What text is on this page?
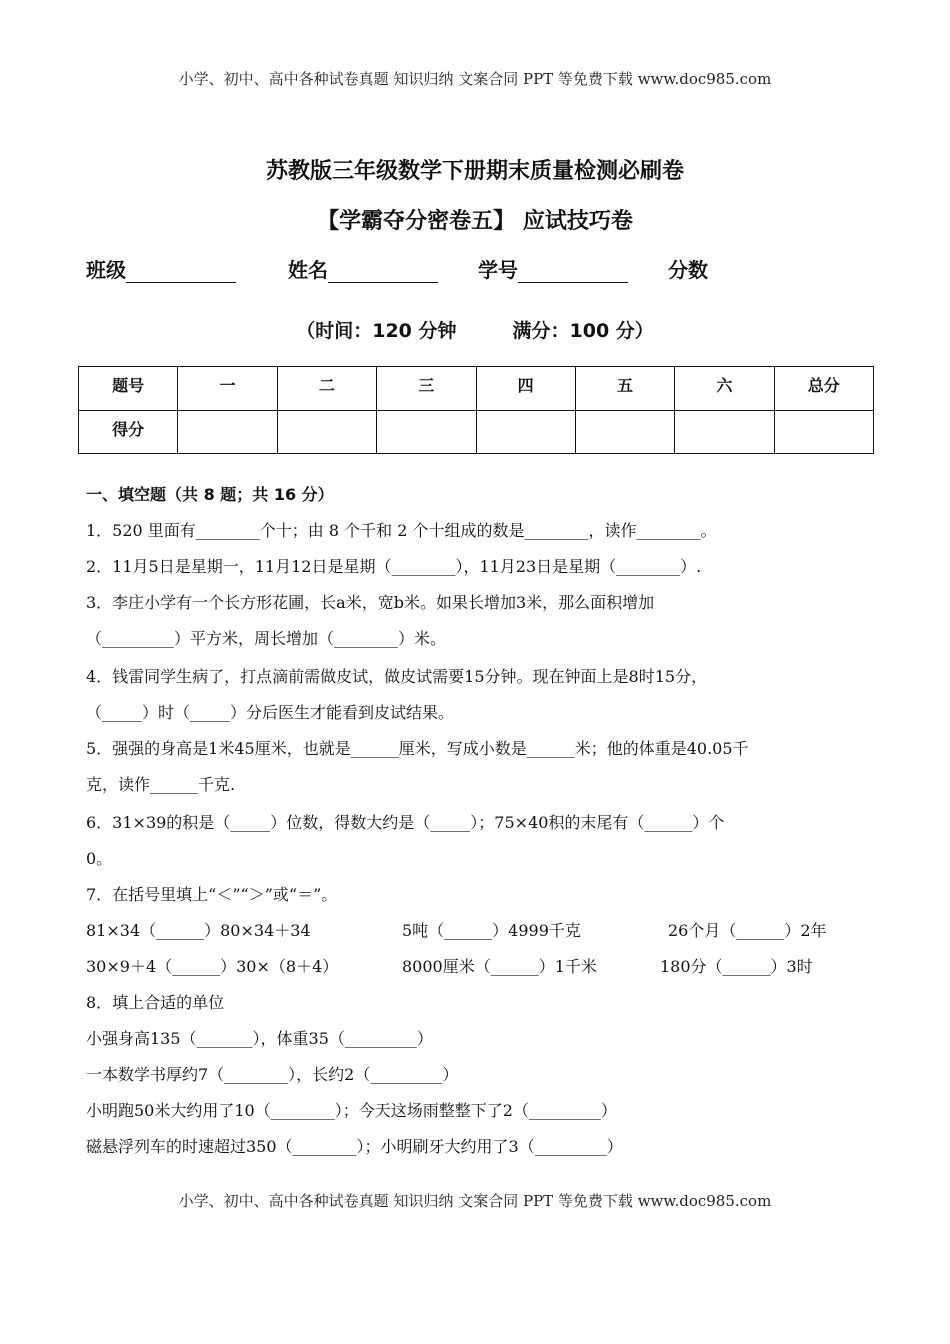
小学、初中、高中各种试卷真题 知识归纳 文案合同 PPT 等免费下载 www.doc985.com
苏教版三年级数学下册期末质量检测必刷卷
【学霸夺分密卷五】 应试技巧卷
班级	姓名	学号	分数
（时间：120 分钟	满分：100 分）
题号	一	二	三	四	五	六	总分
得分							
一、填空题（共 8 题；共 16 分）
1．520 里面有________个十；由 8 个千和 2 个十组成的数是________，读作________。
2．11月5日是星期一，11月12日是星期（________），11月23日是星期（________）.
3．李庄小学有一个长方形花圃，长a米，宽b米。如果长增加3米，那么面积增加
（_________）平方米，周长增加（________）米。
4．钱雷同学生病了，打点滴前需做皮试，做皮试需要15分钟。现在钟面上是8时15分，
（_____）时（_____）分后医生才能看到皮试结果。
5．强强的身高是1米45厘米，也就是______厘米，写成小数是______米；他的体重是40.05千
克，读作______千克.
6．31×39的积是（_____）位数，得数大约是（_____）；75×40积的末尾有（______）个
0。
7．在括号里填上“＜”“＞”或“＝”。
81×34（______）80×34＋34	5吨（______）4999千克	26个月（______）2年
30×9＋4（______）30×（8＋4）	8000厘米（______）1千米	180分（______）3时
8．填上合适的单位
小强身高135（_______），体重35（_________）
一本数学书厚约7（________），长约2（_________）
小明跑50米大约用了10（________）；今天这场雨整整下了2（_________）
磁悬浮列车的时速超过350（________）；小明刷牙大约用了3（_________）
小学、初中、高中各种试卷真题 知识归纳 文案合同 PPT 等免费下载 www.doc985.com
